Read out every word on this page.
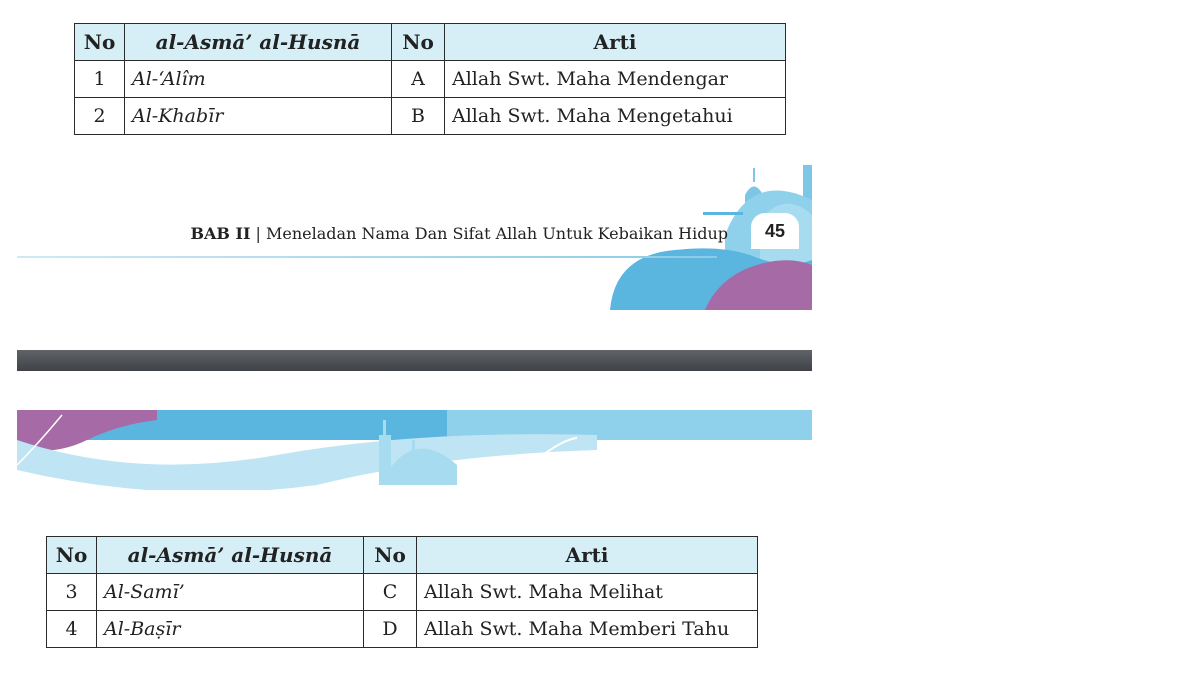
No	al-Asmā’ al-Husnā	No	Arti
1	Al-‘Alîm	A	Allah Swt. Maha Mendengar
2	Al-Khabīr	B	Allah Swt. Maha Mengetahui
BAB II | Meneladan Nama Dan Sifat Allah Untuk Kebaikan Hidup	45
No	al-Asmā’ al-Husnā	No	Arti
3	Al-Samī’	C	Allah Swt. Maha Melihat
4	Al-Baṣīr	D	Allah Swt. Maha Memberi Tahu
